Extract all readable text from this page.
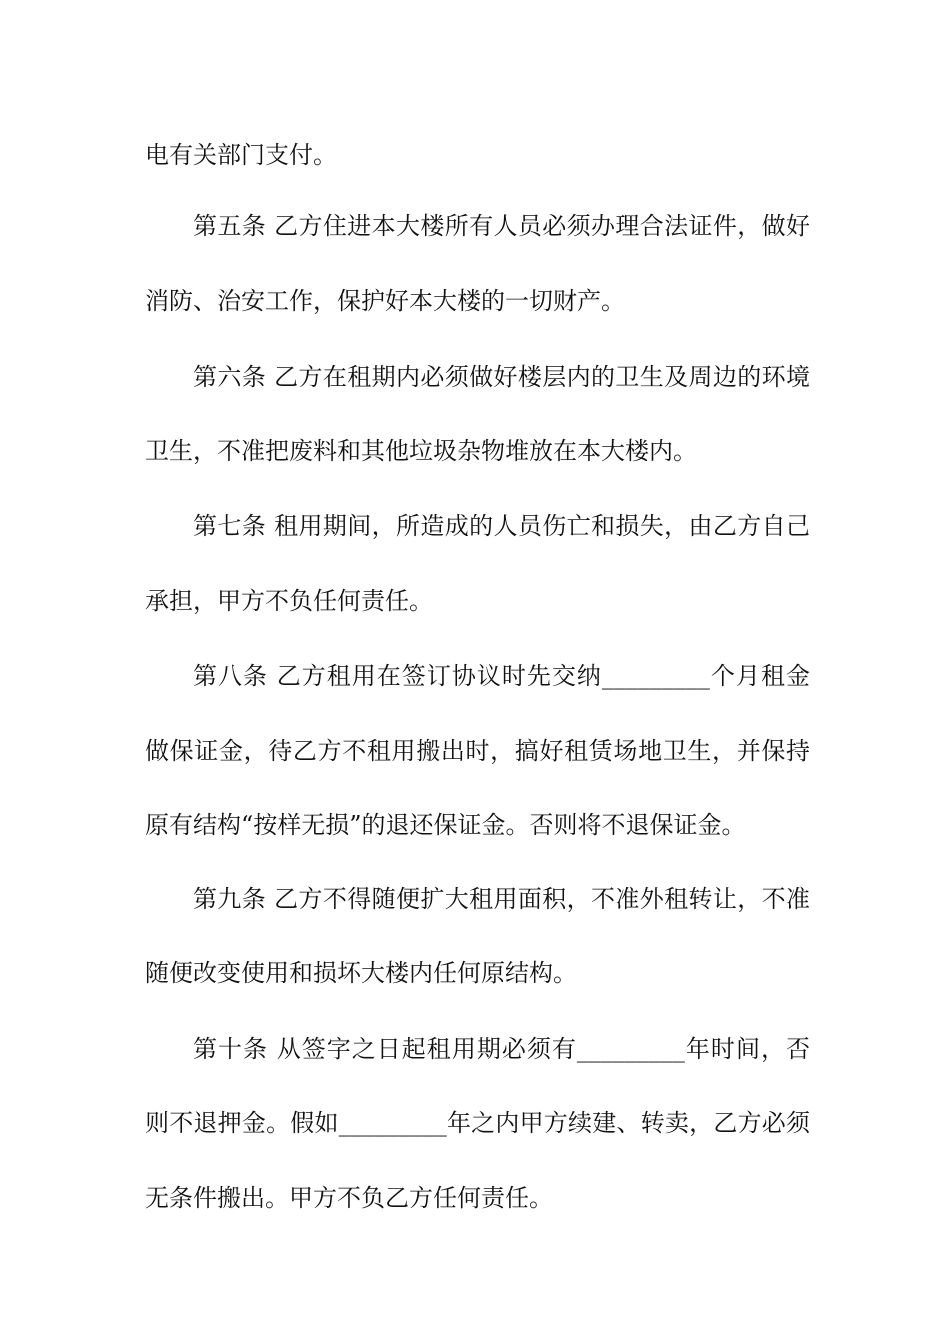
电有关部门支付。
第五条 乙方住进本大楼所有人员必须办理合法证件，做好
消防、治安工作，保护好本大楼的一切财产。
第六条 乙方在租期内必须做好楼层内的卫生及周边的环境
卫生，不准把废料和其他垃圾杂物堆放在本大楼内。
第七条 租用期间，所造成的人员伤亡和损失，由乙方自己
承担，甲方不负任何责任。
第八条 乙方租用在签订协议时先交纳_________个月租金
做保证金，待乙方不租用搬出时，搞好租赁场地卫生，并保持
原有结构“按样无损”的退还保证金。否则将不退保证金。
第九条 乙方不得随便扩大租用面积，不准外租转让，不准
随便改变使用和损坏大楼内任何原结构。
第十条 从签字之日起租用期必须有_________年时间，否
则不退押金。假如_________年之内甲方续建、转卖，乙方必须
无条件搬出。甲方不负乙方任何责任。
